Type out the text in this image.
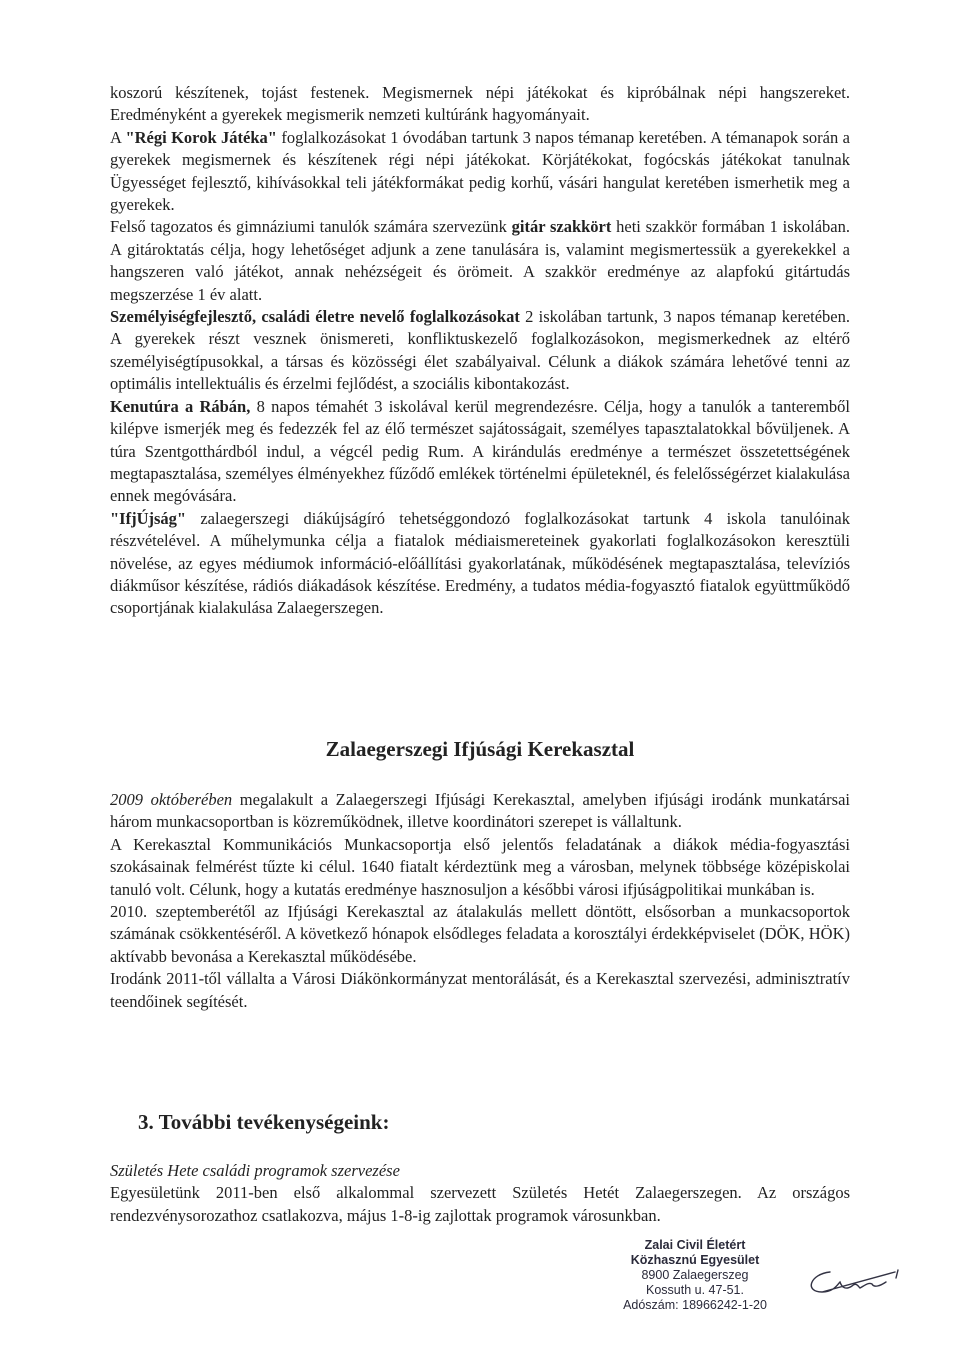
koszorú készítenek, tojást festenek. Megismernek népi játékokat és kipróbálnak népi hangszereket. Eredményként a gyerekek megismerik nemzeti kultúránk hagyományait.

A "Régi Korok Játéka" foglalkozásokat 1 óvodában tartunk 3 napos témanap keretében. A témanapok során a gyerekek megismernek és készítenek régi népi játékokat. Körjátékokat, fogócskás játékokat tanulnak Ügyességet fejlesztő, kihívásokkal teli játékformákat pedig korhű, vásári hangulat keretében ismerhetik meg a gyerekek.

Felső tagozatos és gimnáziumi tanulók számára szervezünk gitár szakkört heti szakkör formában 1 iskolában. A gitároktatás célja, hogy lehetőséget adjunk a zene tanulására is, valamint megismertessük a gyerekekkel a hangszeren való játékot, annak nehézségeit és örömeit. A szakkör eredménye az alapfokú gitártudás megszerzése 1 év alatt.

Személyiségfejlesztő, családi életre nevelő foglalkozásokat 2 iskolában tartunk, 3 napos témanap keretében. A gyerekek részt vesznek önismereti, konfliktuskezelő foglalkozásokon, megismerkednek az eltérő személyiségtípusokkal, a társas és közösségi élet szabályaival. Célunk a diákok számára lehetővé tenni az optimális intellektuális és érzelmi fejlődést, a szociális kibontakozást.

Kenutúra a Rábán, 8 napos témahét 3 iskolával kerül megrendezésre. Célja, hogy a tanulók a tanteremből kilépve ismerjék meg és fedezzék fel az élő természet sajátosságait, személyes tapasztalatokkal bővüljenek. A túra Szentgotthárdból indul, a végcél pedig Rum. A kirándulás eredménye a természet összetettségének megtapasztalása, személyes élményekhez fűződő emlékek történelmi épületeknél, és felelősségérzet kialakulása ennek megóvására.

"IfjÚjság" zalaegerszegi diákújságíró tehetséggondozó foglalkozásokat tartunk 4 iskola tanulóinak részvételével. A műhelymunka célja a fiatalok médiaismereteinek gyakorlati foglalkozásokon keresztüli növelése, az egyes médiumok információ-előállítási gyakorlatának, működésének megtapasztalása, televíziós diákműsor készítése, rádiós diákadások készítése. Eredmény, a tudatos média-fogyasztó fiatalok együttműködő csoportjának kialakulása Zalaegerszegen.

Zalaegerszegi Ifjúsági Kerekasztal

2009 októberében megalakult a Zalaegerszegi Ifjúsági Kerekasztal, amelyben ifjúsági irodánk munkatársai három munkacsoportban is közreműködnek, illetve koordinátori szerepet is vállaltunk.

A Kerekasztal Kommunikációs Munkacsoportja első jelentős feladatának a diákok média-fogyasztási szokásainak felmérést tűzte ki célul. 1640 fiatalt kérdeztünk meg a városban, melynek többsége középiskolai tanuló volt. Célunk, hogy a kutatás eredménye hasznosuljon a későbbi városi ifjúságpolitikai munkában is.

2010. szeptemberétől az Ifjúsági Kerekasztal az átalakulás mellett döntött, elsősorban a munkacsoportok számának csökkentéséről. A következő hónapok elsődleges feladata a korosztályi érdekképviselet (DÖK, HÖK) aktívabb bevonása a Kerekasztal működésébe.

Irodánk 2011-től vállalta a Városi Diákönkormányzat mentorálását, és a Kerekasztal szervezési, adminisztratív teendőinek segítését.

3. További tevékenységeink:

Születés Hete családi programok szervezése

Egyesületünk 2011-ben első alkalommal szervezett Születés Hetét Zalaegerszegen. Az országos rendezvénysorozathoz csatlakozva, május 1-8-ig zajlottak programok városunkban.

Zalai Civil Életért
Közhasznú Egyesület
8900 Zalaegerszeg
Kossuth u. 47-51.
Adószám: 18966242-1-20
